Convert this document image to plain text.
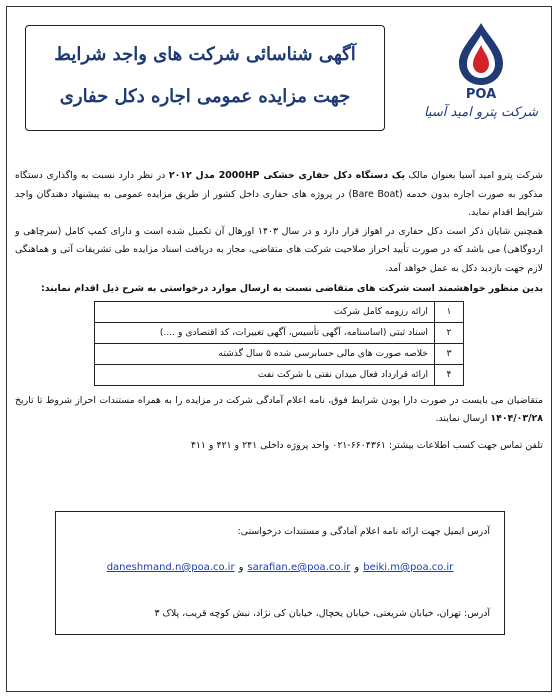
آگهی شناسائی شرکت های واجد شرایط
جهت مزایده عمومی اجاره دکل حفاری	POA
شرکت پترو امید آسیا

شرکت پترو امید آسیا بعنوان مالک یک دستگاه دکل حفاری خشکی 2000HP مدل ۲۰۱۲ در نظر دارد نسبت به واگذاری دستگاه مذکور به صورت اجاره بدون خدمه (Bare Boat) در پروژه های حفاری داخل کشور از طریق مزایده عمومی به پیشنهاد دهندگان واجد شرایط اقدام نماید.

همچنین شایان ذکر است دکل حفاری در اهواز قرار دارد و در سال ۱۴۰۳ اورهال آن تکمیل شده است و دارای کمپ کامل (سرچاهی و اردوگاهی) می باشد که در صورت تأیید احراز صلاحیت شرکت های متقاضی، مجاز به دریافت اسناد مزایده طی تشریفات آتی و هماهنگی لازم جهت بازدید دکل به عمل خواهد آمد.

بدین منظور خواهشمند است شرکت های متقاضی نسبت به ارسال موارد درخواستی به شرح ذیل اقدام نمایند:
۱	ارائه رزومه کامل شرکت
۲	اسناد ثبتی (اساسنامه، آگهی تأسیس، آگهی تغییرات، کد اقتصادی و ....)
۳	خلاصه صورت های مالی حسابرسی شده ۵ سال گذشته
۴	ارائه قرارداد فعال میدان نفتی با شرکت نفت

متقاضیان می بایست در صورت دارا بودن شرایط فوق، نامه اعلام آمادگی شرکت در مزایده را به همراه مستندات احراز شروط تا تاریخ ۱۴۰۴/۰۳/۲۸ ارسال نمایند.

تلفن تماس جهت کسب اطلاعات بیشتر: ۶۶۰۴۳۶۱-۰۲۱ واحد پروژه داخلی ۲۴۱ و ۴۲۱ و ۴۱۱

آدرس ایمیل جهت ارائه نامه اعلام آمادگی و مستندات درخواستی:
daneshmand.n@poa.co.ir و sarafian.e@poa.co.ir و beiki.m@poa.co.ir
آدرس: تهران، خیابان شریعتی، خیابان یخچال، خیابان کی نژاد، نبش کوچه قریب، پلاک ۳
